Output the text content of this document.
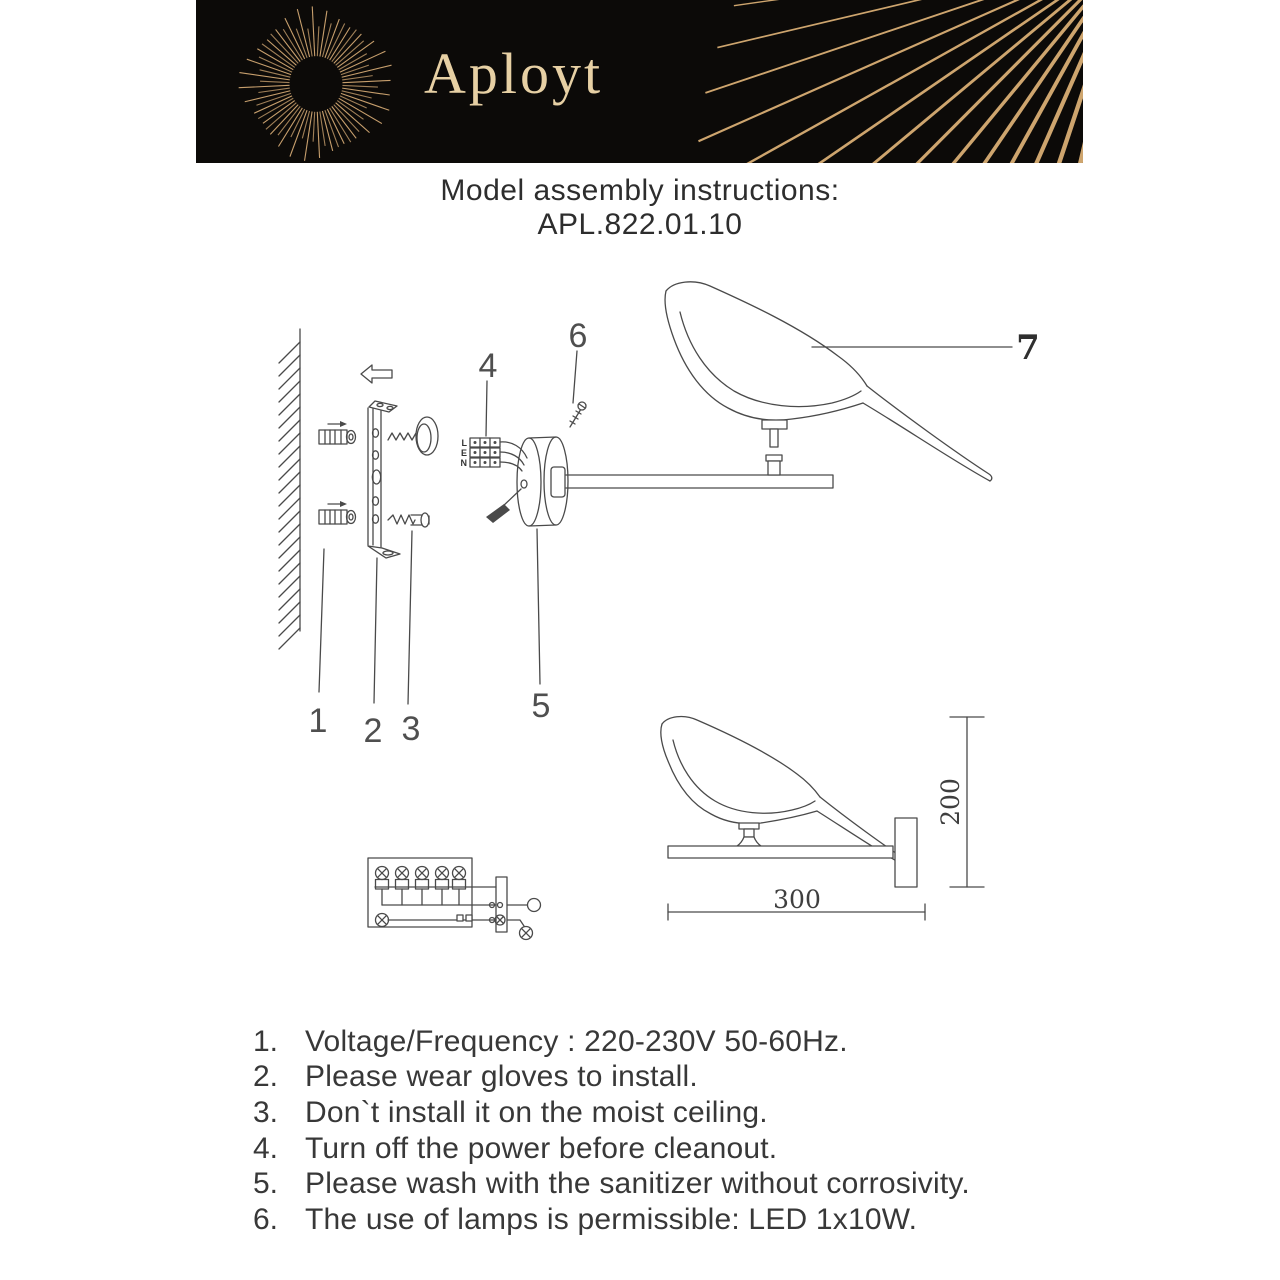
Aployt
Model assembly instructions:
APL.822.01.10
1 2 3
L
E
N
4
6
5
7
200
300
1. Voltage/Frequency : 220-230V 50-60Hz.
2. Please wear gloves to install.
3. Don`t install it on the moist ceiling.
4. Turn off the power before cleanout.
5. Please wash with the sanitizer without corrosivity.
6. The use of lamps is permissible: LED 1x10W.
